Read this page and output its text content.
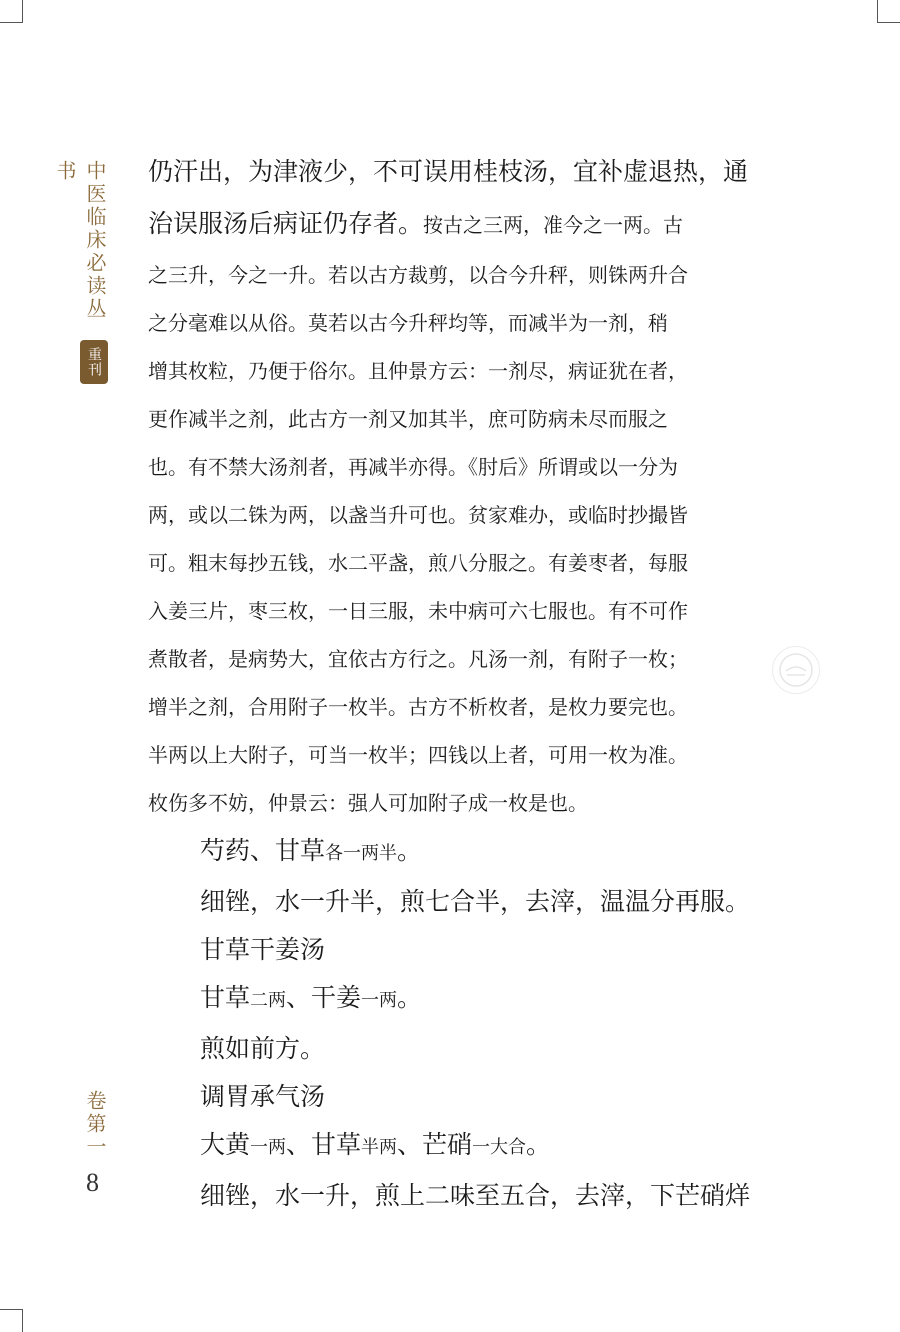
中医临床必读丛书
重刊
卷第一
8

仍汗出，为津液少，不可误用桂枝汤，宜补虚退热，通

治误服汤后病证仍存者。按古之三两，准今之一两。古

之三升，今之一升。若以古方裁剪，以合今升秤，则铢两升合

之分毫难以从俗。莫若以古今升秤均等，而减半为一剂，稍

增其枚粒，乃便于俗尔。且仲景方云：一剂尽，病证犹在者，

更作减半之剂，此古方一剂又加其半，庶可防病未尽而服之

也。有不禁大汤剂者，再减半亦得。《肘后》所谓或以一分为

两，或以二铢为两，以盏当升可也。贫家难办，或临时抄撮皆

可。粗末每抄五钱，水二平盏，煎八分服之。有姜枣者，每服

入姜三片，枣三枚，一日三服，未中病可六七服也。有不可作

煮散者，是病势大，宜依古方行之。凡汤一剂，有附子一枚；

增半之剂，合用附子一枚半。古方不析枚者，是枚力要完也。

半两以上大附子，可当一枚半；四钱以上者，可用一枚为准。

枚伤多不妨，仲景云：强人可加附子成一枚是也。

芍药、甘草各一两半。

细锉，水一升半，煎七合半，去滓，温温分再服。

甘草干姜汤

甘草二两、干姜一两。

煎如前方。

调胃承气汤

大黄一两、甘草半两、芒硝一大合。

细锉，水一升，煎上二味至五合，去滓，下芒硝烊
